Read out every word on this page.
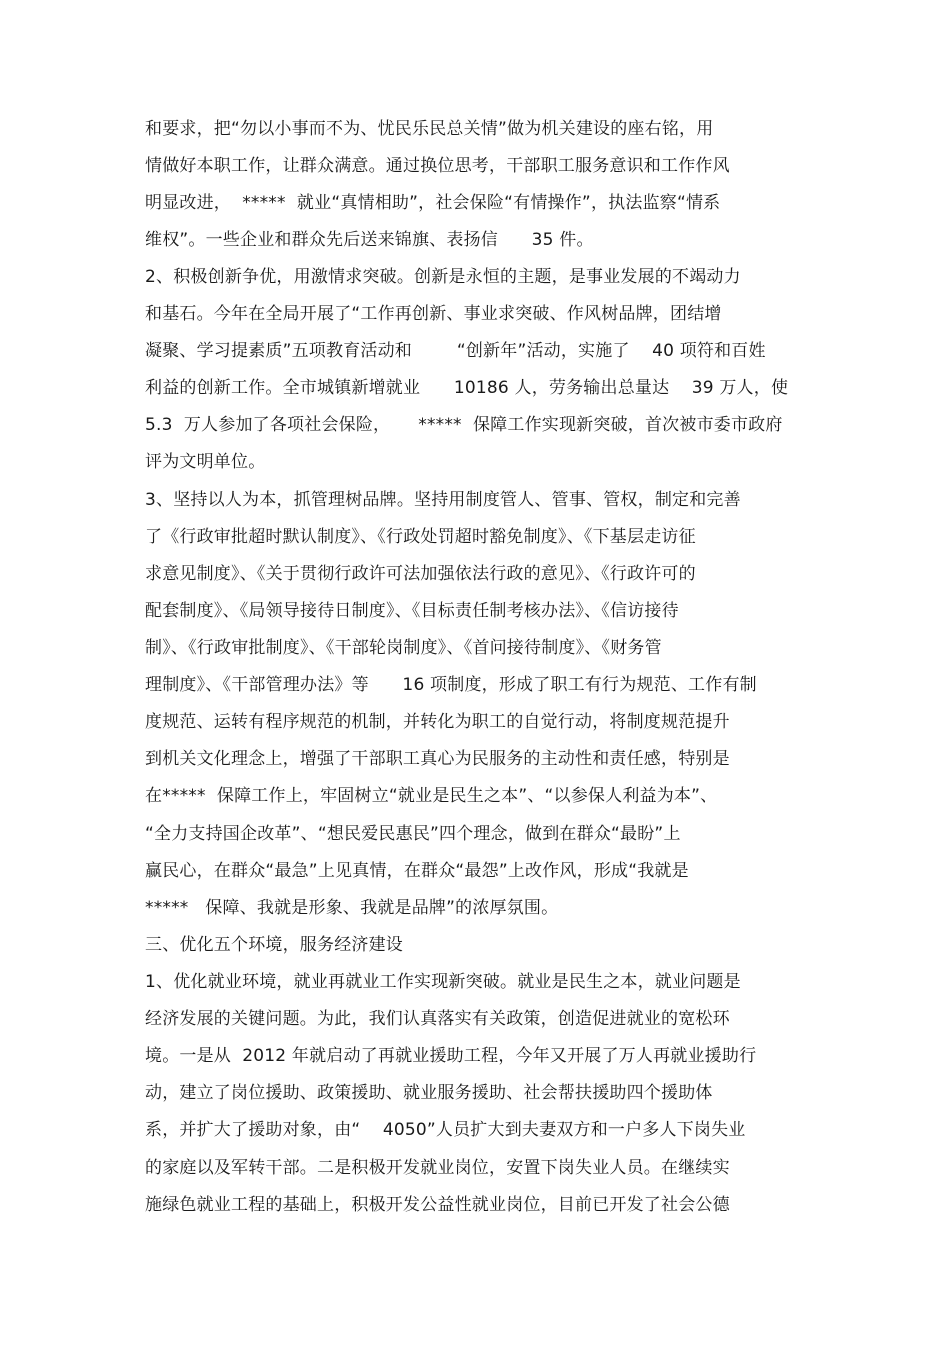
和要求，把“勿以小事而不为、忧民乐民总关情”做为机关建设的座右铭，用
情做好本职工作，让群众满意。通过换位思考，干部职工服务意识和工作作风
明显改进，  *****  就业“真情相助”，社会保险“有情操作”，执法监察“情系
维权”。一些企业和群众先后送来锦旗、表扬信      35 件。
2、积极创新争优，用激情求突破。创新是永恒的主题，是事业发展的不竭动力
和基石。今年在全局开展了“工作再创新、事业求突破、作风树品牌，团结增
凝聚、学习提素质”五项教育活动和        “创新年”活动，实施了    40 项符和百姓
利益的创新工作。全市城镇新增就业      10186 人，劳务输出总量达    39 万人，使
5.3  万人参加了各项社会保险，     *****  保障工作实现新突破，首次被市委市政府
评为文明单位。
3、坚持以人为本，抓管理树品牌。坚持用制度管人、管事、管权，制定和完善
了《行政审批超时默认制度》、《行政处罚超时豁免制度》、《下基层走访征
求意见制度》、《关于贯彻行政许可法加强依法行政的意见》、《行政许可的
配套制度》、《局领导接待日制度》、《目标责任制考核办法》、《信访接待
制》、《行政审批制度》、《干部轮岗制度》、《首问接待制度》、《财务管
理制度》、《干部管理办法》等      16 项制度，形成了职工有行为规范、工作有制
度规范、运转有程序规范的机制，并转化为职工的自觉行动，将制度规范提升
到机关文化理念上，增强了干部职工真心为民服务的主动性和责任感，特别是
在*****  保障工作上，牢固树立“就业是民生之本”、“以参保人利益为本”、
“全力支持国企改革”、“想民爱民惠民”四个理念，做到在群众“最盼”上
赢民心，在群众“最急”上见真情，在群众“最怨”上改作风，形成“我就是
*****   保障、我就是形象、我就是品牌”的浓厚氛围。
三、优化五个环境，服务经济建设
1、优化就业环境，就业再就业工作实现新突破。就业是民生之本，就业问题是
经济发展的关键问题。为此，我们认真落实有关政策，创造促进就业的宽松环
境。一是从  2012 年就启动了再就业援助工程，今年又开展了万人再就业援助行
动，建立了岗位援助、政策援助、就业服务援助、社会帮扶援助四个援助体
系，并扩大了援助对象，由“    4050”人员扩大到夫妻双方和一户多人下岗失业
的家庭以及军转干部。二是积极开发就业岗位，安置下岗失业人员。在继续实
施绿色就业工程的基础上，积极开发公益性就业岗位，目前已开发了社会公德
